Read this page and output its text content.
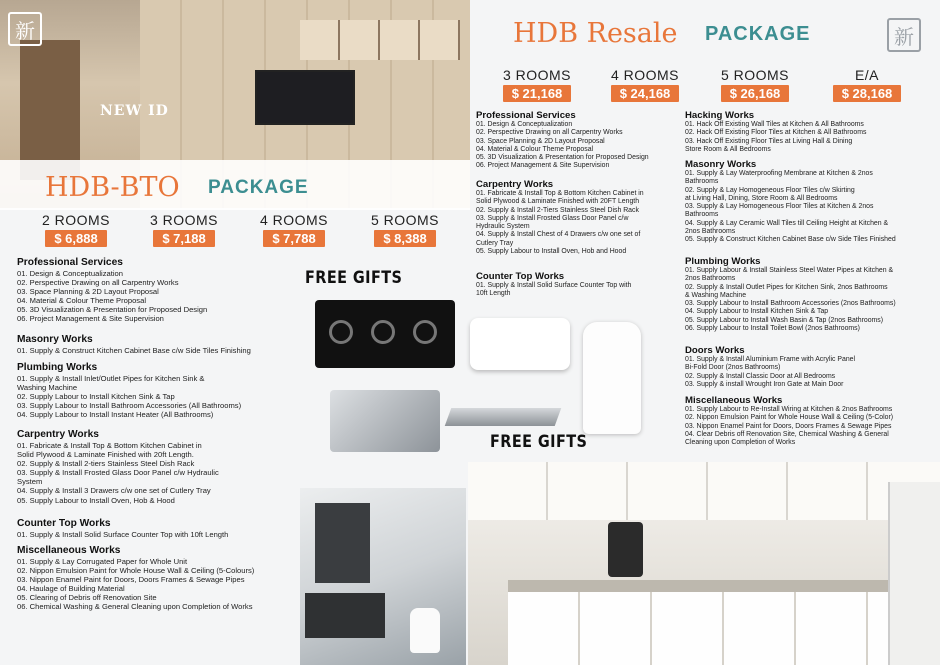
NEW ID
新	新
HDB-BTO PACKAGE
2 ROOMS
$ 6,888
3 ROOMS
$ 7,188
4 ROOMS
$ 7,788
5 ROOMS
$ 8,388
Professional Services
01. Design & Conceptualization
02. Perspective Drawing on all Carpentry Works
03. Space Planning & 2D Layout Proposal
04. Material & Colour Theme Proposal
05. 3D Visualization & Presentation for Proposed Design
06. Project Management & Site Supervision
Masonry Works
01. Supply & Construct Kitchen Cabinet Base c/w Side Tiles Finishing
Plumbing Works
01. Supply & Install Inlet/Outlet Pipes for Kitchen Sink &
Washing Machine
02. Supply Labour to Install Kitchen Sink & Tap
03. Supply Labour to Install Bathroom Accessories (All Bathrooms)
04. Supply Labour to Install Instant Heater (All Bathrooms)
Carpentry Works
01. Fabricate & Install Top & Bottom Kitchen Cabinet in
Solid Plywood & Laminate Finished with 20ft Length.
02. Supply & Install 2-tiers Stainless Steel Dish Rack
03. Supply & Install Frosted Glass Door Panel c/w Hydraulic
System
04. Supply & Install 3 Drawers c/w one set of Cutlery Tray
05. Supply Labour to Install Oven, Hob & Hood
Counter Top Works
01. Supply & Install Solid Surface Counter Top with 10ft Length
Miscellaneous Works
01. Supply & Lay Corrugated Paper for Whole Unit
02. Nippon Emulsion Paint for Whole House Wall & Ceiling (5-Colours)
03. Nippon Enamel Paint for Doors, Doors Frames & Sewage Pipes
04. Haulage of Building Material
05. Clearing of Debris off Renovation Site
06. Chemical Washing & General Cleaning upon Completion of Works
FREE GIFTS
FREE GIFTS
HDB Resale PACKAGE
3 ROOMS
$ 21,168
4 ROOMS
$ 24,168
5 ROOMS
$ 26,168
E/A
$ 28,168
Professional Services
01. Design & Conceptualization
02. Perspective Drawing on all Carpentry Works
03. Space Planning & 2D Layout Proposal
04. Material & Colour Theme Proposal
05. 3D Visualization & Presentation for Proposed Design
06. Project Management & Site Supervision
Carpentry Works
01. Fabricate & Install Top & Bottom Kitchen Cabinet in
Solid Plywood & Laminate Finished with 20FT Length
02. Supply & Install 2-Tiers Stainless Steel Dish Rack
03. Supply & Install Frosted Glass Door Panel c/w
Hydraulic System
04. Supply & Install Chest of 4 Drawers c/w one set of
Cutlery Tray
05. Supply Labour to Install Oven, Hob and Hood
Counter Top Works
01. Supply & Install Solid Surface Counter Top with
10ft Length
Hacking Works
01. Hack Off Existing Wall Tiles at Kitchen & All Bathrooms
02. Hack Off Existing Floor Tiles at Kitchen & All Bathrooms
03. Hack Off Existing Floor Tiles at Living Hall & Dining
Store Room & All Bedrooms
Masonry Works
01. Supply & Lay Waterproofing Membrane at Kitchen & 2nos
Bathrooms
02. Supply & Lay Homogeneous Floor Tiles c/w Skirting
at Living Hall, Dining, Store Room & All Bedrooms
03. Supply & Lay Homogeneous Floor Tiles at Kitchen & 2nos
Bathrooms
04. Supply & Lay Ceramic Wall Tiles till Ceiling Height at Kitchen &
2nos Bathrooms
05. Supply & Construct Kitchen Cabinet Base c/w Side Tiles Finished
Plumbing Works
01. Supply Labour & Install Stainless Steel Water Pipes at Kitchen &
2nos Bathrooms
02. Supply & Install Outlet Pipes for Kitchen Sink, 2nos Bathrooms
& Washing Machine
03. Supply Labour to Install Bathroom Accessories (2nos Bathrooms)
04. Supply Labour to Install Kitchen Sink & Tap
05. Supply Labour to Install Wash Basin & Tap (2nos Bathrooms)
06. Supply Labour to Install Toilet Bowl (2nos Bathrooms)
Doors Works
01. Supply & Install Aluminium Frame with Acrylic Panel
Bi-Fold Door (2nos Bathrooms)
02. Supply & Install Classic Door at All Bedrooms
03. Supply & install Wrought Iron Gate at Main Door
Miscellaneous Works
01. Supply Labour to Re-Install Wiring at Kitchen & 2nos Bathrooms
02. Nippon Emulsion Paint for Whole House Wall & Ceiling (5-Color)
03. Nippon Enamel Paint for Doors, Doors Frames & Sewage Pipes
04. Clear Debris off Renovation Site, Chemical Washing & General
Cleaning upon Completion of Works
